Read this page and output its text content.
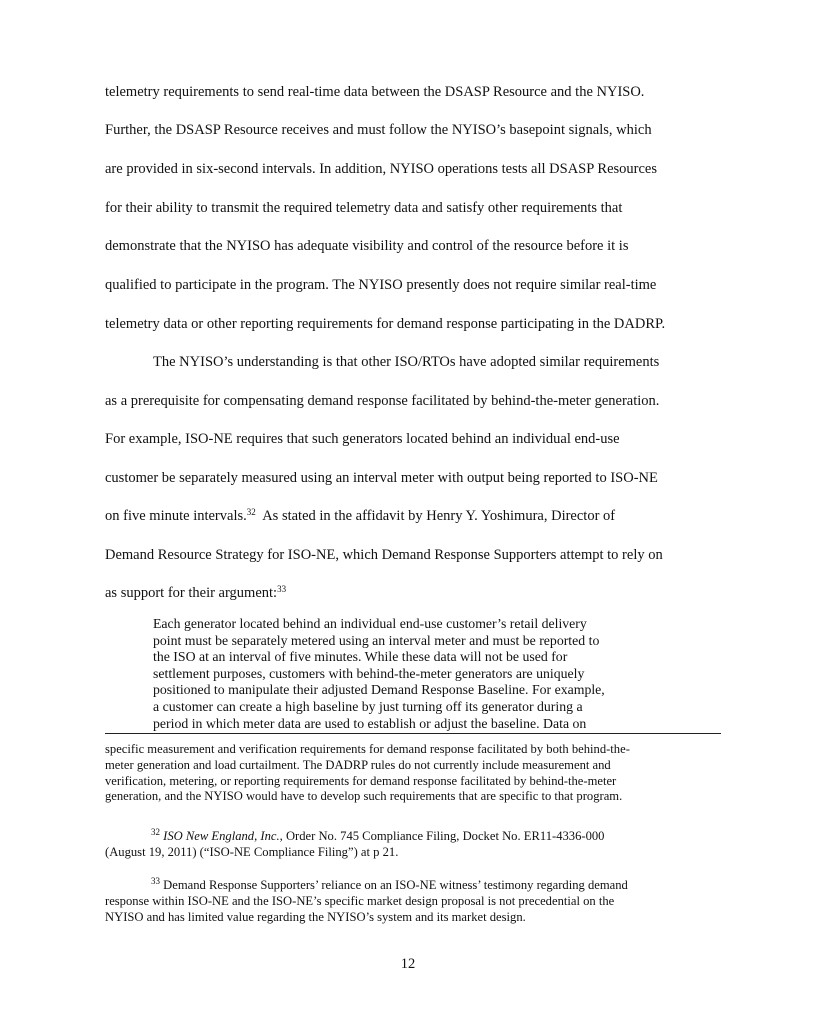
telemetry requirements to send real-time data between the DSASP Resource and the NYISO.
Further, the DSASP Resource receives and must follow the NYISO’s basepoint signals, which
are provided in six-second intervals. In addition, NYISO operations tests all DSASP Resources
for their ability to transmit the required telemetry data and satisfy other requirements that
demonstrate that the NYISO has adequate visibility and control of the resource before it is
qualified to participate in the program. The NYISO presently does not require similar real-time
telemetry data or other reporting requirements for demand response participating in the DADRP.
The NYISO’s understanding is that other ISO/RTOs have adopted similar requirements
as a prerequisite for compensating demand response facilitated by behind-the-meter generation.
For example, ISO-NE requires that such generators located behind an individual end-use
customer be separately measured using an interval meter with output being reported to ISO-NE
on five minute intervals.$^{32}$  As stated in the affidavit by Henry Y. Yoshimura, Director of
Demand Resource Strategy for ISO-NE, which Demand Response Supporters attempt to rely on
as support for their argument:$^{33}$
Each generator located behind an individual end-use customer’s retail delivery
point must be separately metered using an interval meter and must be reported to
the ISO at an interval of five minutes. While these data will not be used for
settlement purposes, customers with behind-the-meter generators are uniquely
positioned to manipulate their adjusted Demand Response Baseline. For example,
a customer can create a high baseline by just turning off its generator during a
period in which meter data are used to establish or adjust the baseline. Data on
specific measurement and verification requirements for demand response facilitated by both behind-the-
meter generation and load curtailment. The DADRP rules do not currently include measurement and
verification, metering, or reporting requirements for demand response facilitated by behind-the-meter
generation, and the NYISO would have to develop such requirements that are specific to that program.
$^{32}$ ISO New England, Inc., Order No. 745 Compliance Filing, Docket No. ER11-4336-000
(August 19, 2011) (“ISO-NE Compliance Filing”) at p 21.
$^{33}$ Demand Response Supporters’ reliance on an ISO-NE witness’ testimony regarding demand
response within ISO-NE and the ISO-NE’s specific market design proposal is not precedential on the
NYISO and has limited value regarding the NYISO’s system and its market design.
12
